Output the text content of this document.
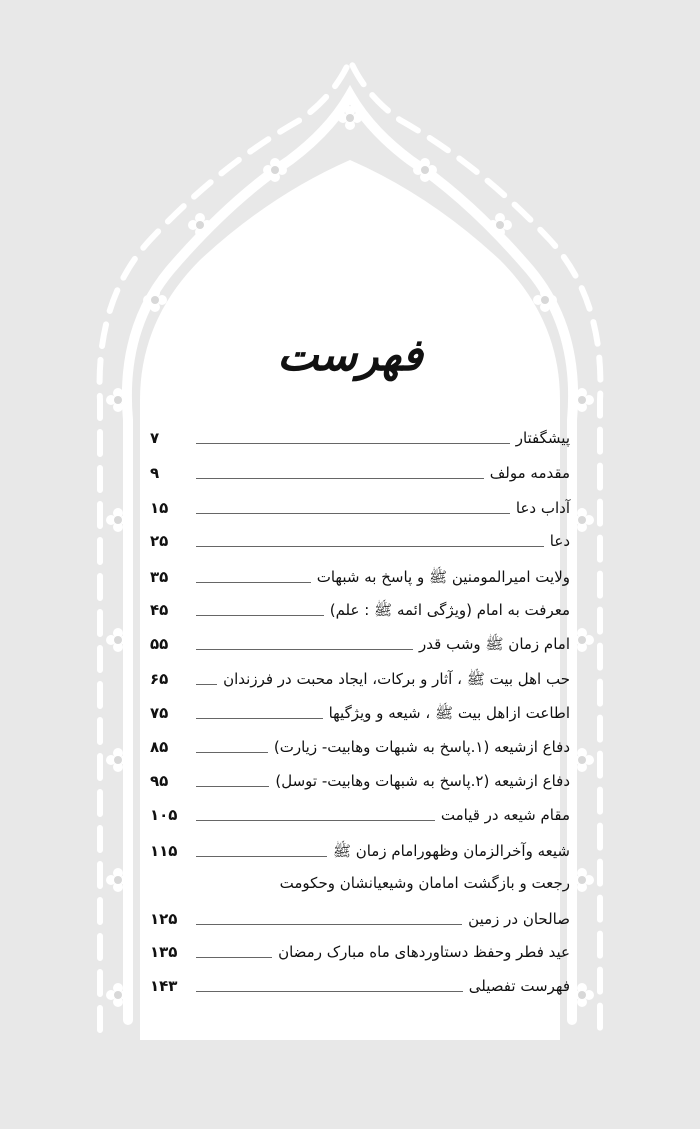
فهرست
پیشگفتار
۷
مقدمه مولف
۹
آداب دعا
۱۵
دعا
۲۵
ولایت امیرالمومنین ﷺ و پاسخ به شبهات
۳۵
معرفت به امام (ویژگی ائمه ﷺ : علم)
۴۵
امام زمان ﷺ وشب قدر
۵۵
حب اهل بیت ﷺ ، آثار و برکات، ایجاد محبت در فرزندان
۶۵
اطاعت ازاهل بیت ﷺ ، شیعه و ویژگیها
۷۵
دفاع ازشیعه (۱.پاسخ به شبهات وهابیت- زیارت)
۸۵
دفاع ازشیعه (۲.پاسخ به شبهات وهابیت- توسل)
۹۵
مقام شیعه در قیامت
۱۰۵
شیعه وآخرالزمان وظهورامام زمان ﷺ
۱۱۵
رجعت و بازگشت امامان وشیعیانشان وحکومت
صالحان در زمین
۱۲۵
عید فطر وحفظ دستاوردهای ماه مبارک رمضان
۱۳۵
فهرست تفصیلی
۱۴۳
